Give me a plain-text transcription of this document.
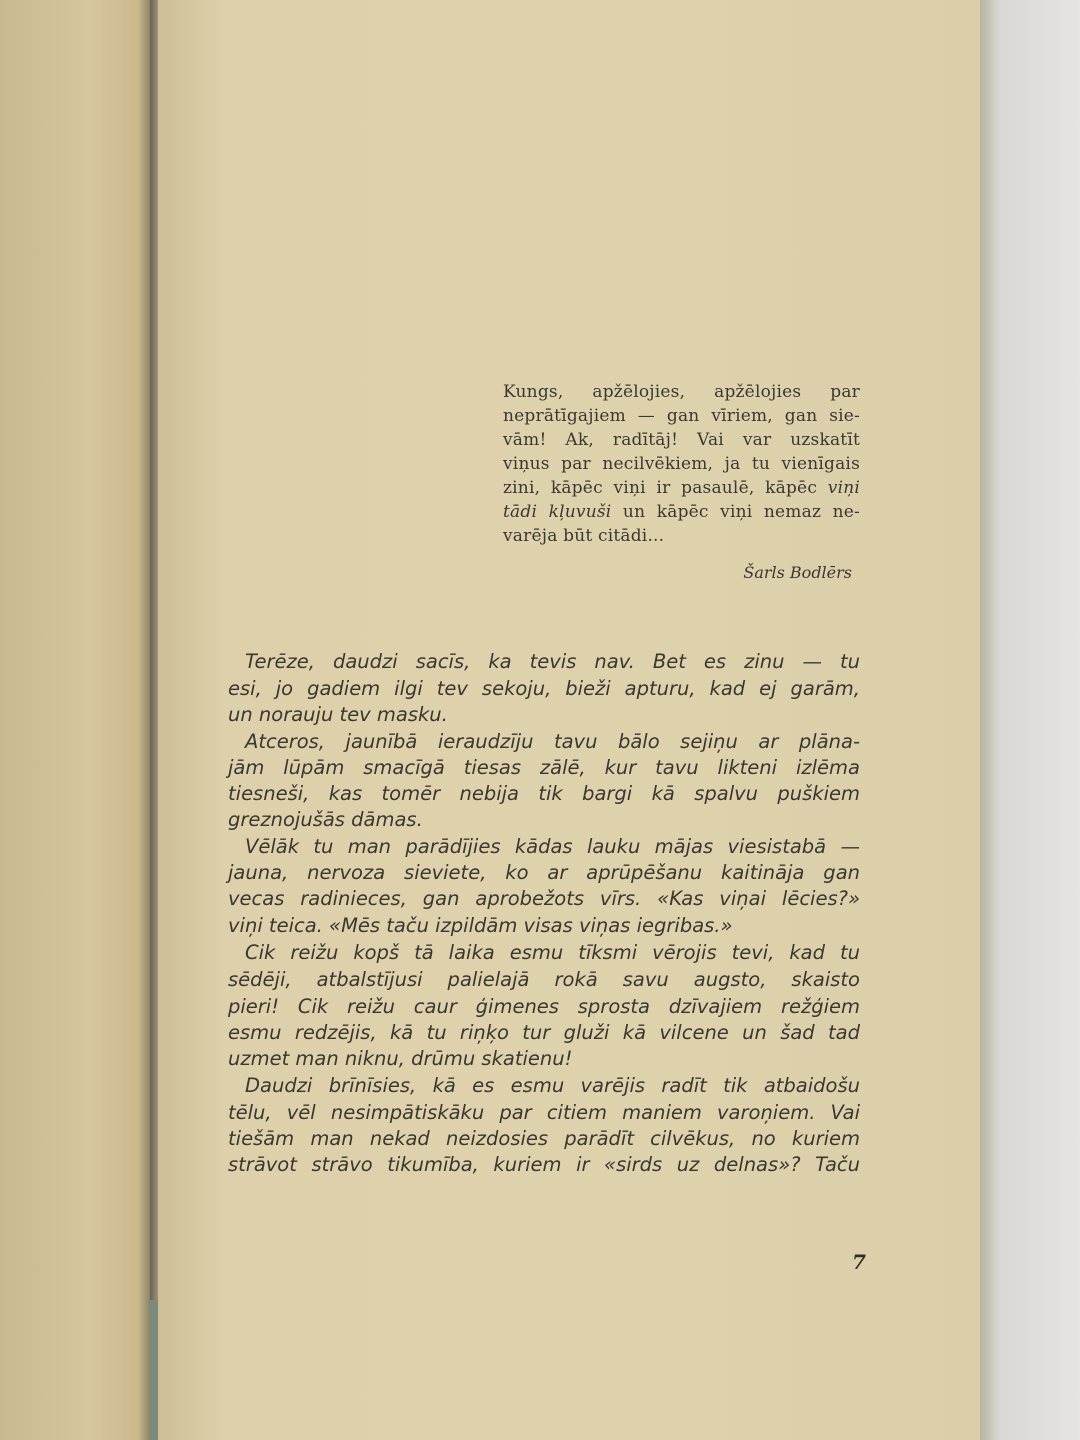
Kungs, apžēlojies, apžēlojies par
neprātīgajiem — gan vīriem, gan sie-
vām! Ak, radītāj! Vai var uzskatīt
viņus par necilvēkiem, ja tu vienīgais
zini, kāpēc viņi ir pasaulē, kāpēc viņi
tādi kļuvuši un kāpēc viņi nemaz ne-
varēja būt citādi...
Šarls Bodlērs
Terēze, daudzi sacīs, ka tevis nav. Bet es zinu — tu
esi, jo gadiem ilgi tev sekoju, bieži apturu, kad ej garām,
un norauju tev masku.
Atceros, jaunībā ieraudzīju tavu bālo sejiņu ar plāna-
jām lūpām smacīgā tiesas zālē, kur tavu likteni izlēma
tiesneši, kas tomēr nebija tik bargi kā spalvu puškiem
greznojušās dāmas.
Vēlāk tu man parādījies kādas lauku mājas viesistabā —
jauna, nervoza sieviete, ko ar aprūpēšanu kaitināja gan
vecas radinieces, gan aprobežots vīrs. «Kas viņai lēcies?»
viņi teica. «Mēs taču izpildām visas viņas iegribas.»
Cik reižu kopš tā laika esmu tīksmi vērojis tevi, kad tu
sēdēji, atbalstījusi palielajā rokā savu augsto, skaisto
pieri! Cik reižu caur ģimenes sprosta dzīvajiem režģiem
esmu redzējis, kā tu riņķo tur gluži kā vilcene un šad tad
uzmet man niknu, drūmu skatienu!
Daudzi brīnīsies, kā es esmu varējis radīt tik atbaidošu
tēlu, vēl nesimpātiskāku par citiem maniem varoņiem. Vai
tiešām man nekad neizdosies parādīt cilvēkus, no kuriem
strāvot strāvo tikumība, kuriem ir «sirds uz delnas»? Taču
7
